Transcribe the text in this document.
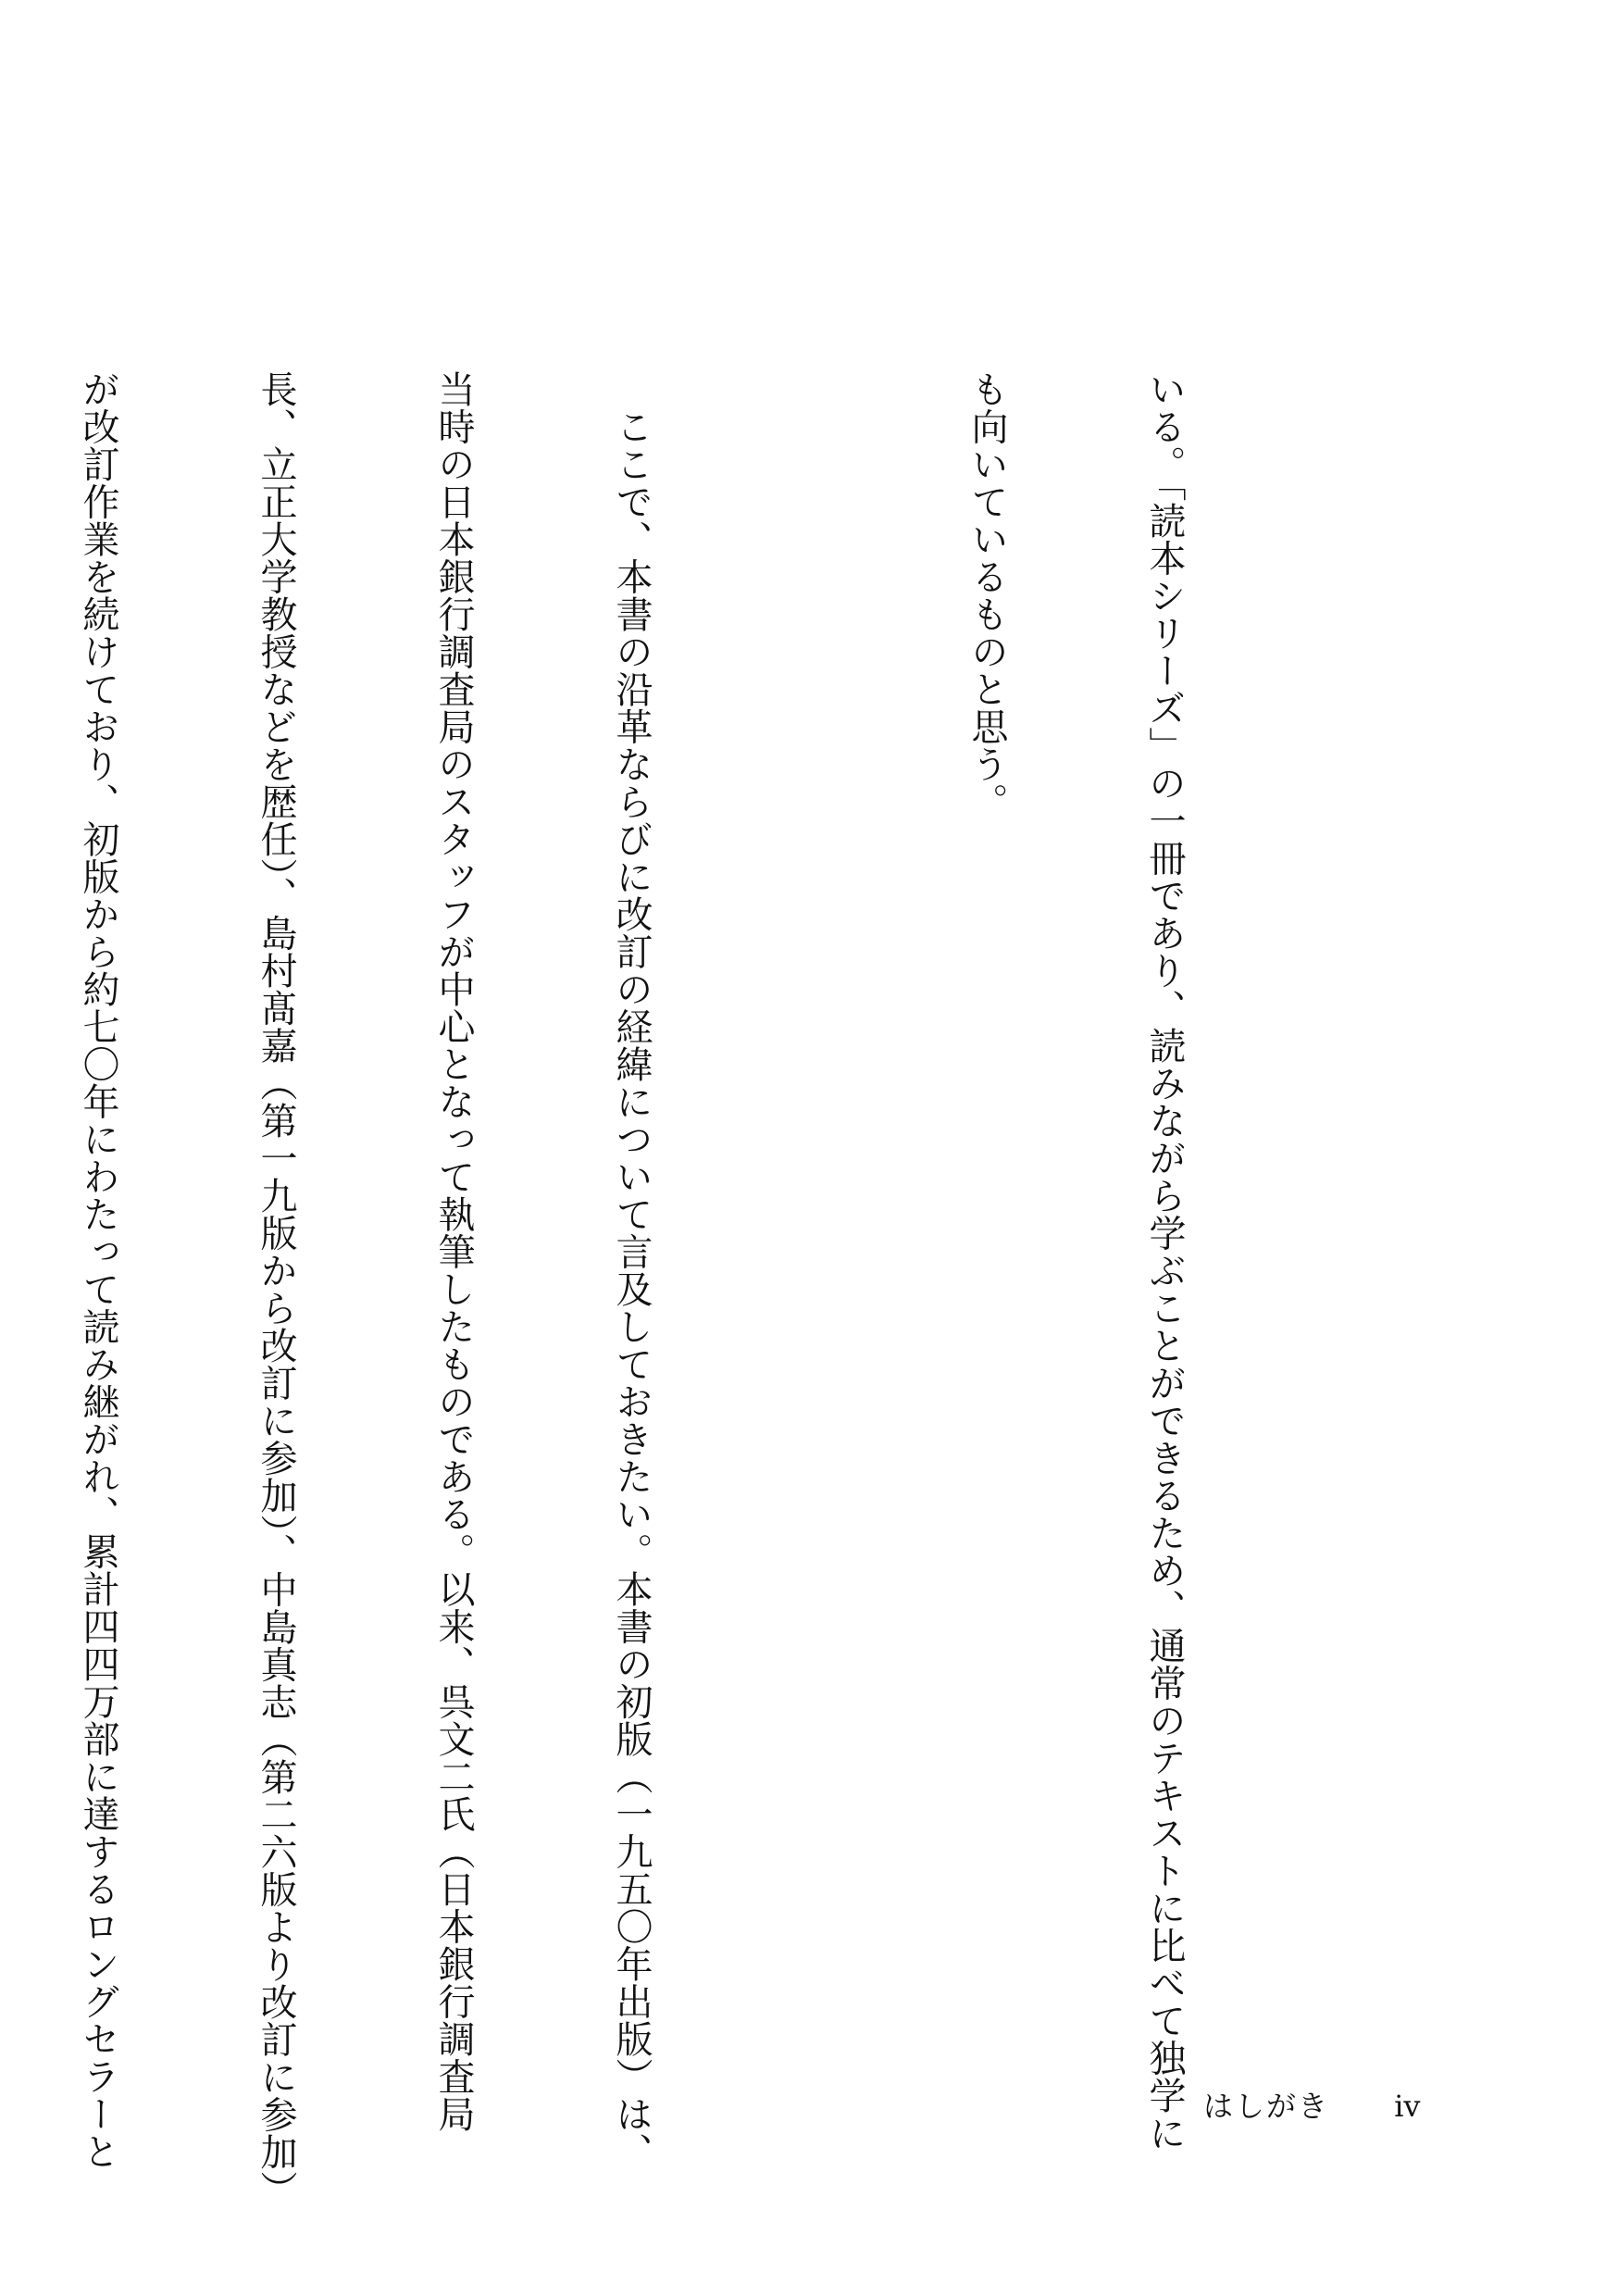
いる。「読本シリーズ」の一冊であり、読みながら学ぶことができるため、通常のテキストに比べて独学に

も向いているものと思う。

　ここで、本書の沿革ならびに改訂の経緯について言及しておきたい。本書の初版（一九五〇年出版）は、

当時の日本銀行調査局のスタッフが中心となって執筆したものである。以来、呉文二氏（日本銀行調査局

長、立正大学教授などを歴任）、島村髙嘉（第一九版から改訂に参加）、中島真志（第二六版より改訂に参加）

が改訂作業を続けており、初版から約七〇年にわたって読み継がれ、累計四四万部に達するロングセラーと

	はしがき iv
